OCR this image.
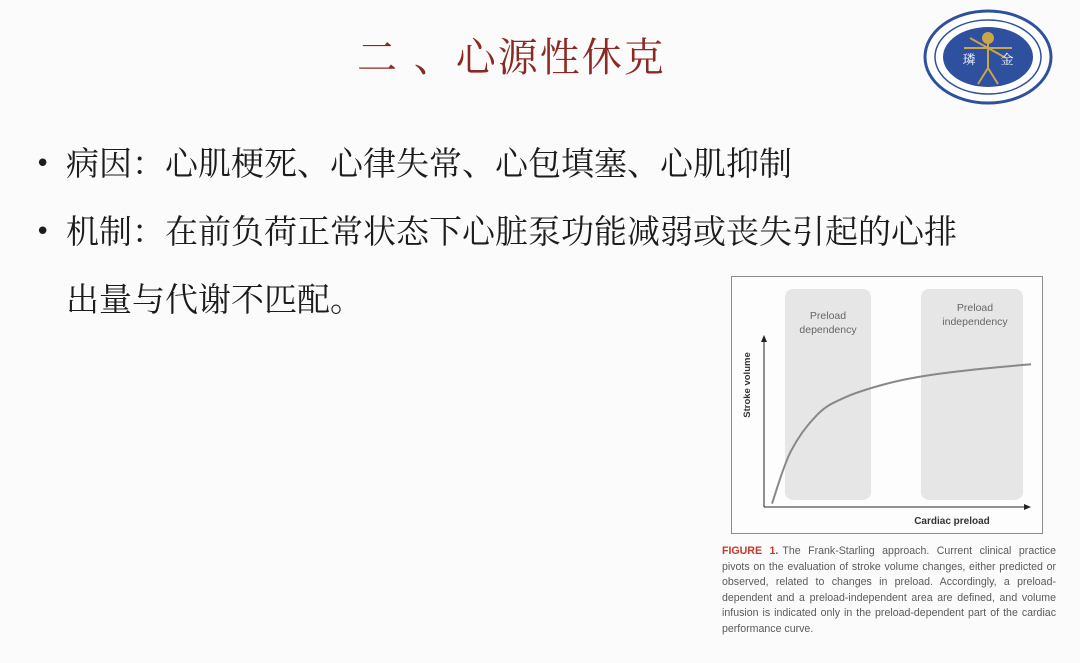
二 、心源性休克	璘 金
• 病因：心肌梗死、心律失常、心包填塞、心肌抑制
• 机制：在前负荷正常状态下心脏泵功能减弱或丧失引起的心排
出量与代谢不匹配。	Preload
dependency
Preload
independency
Stroke volume
Cardiac preload
FIGURE 1. The Frank-Starling approach. Current clinical practice pivots on the evaluation of stroke volume changes, either predicted or observed, related to changes in preload. Accordingly, a preload-dependent and a preload-independent area are defined, and volume infusion is indicated only in the preload-dependent part of the cardiac performance curve.
